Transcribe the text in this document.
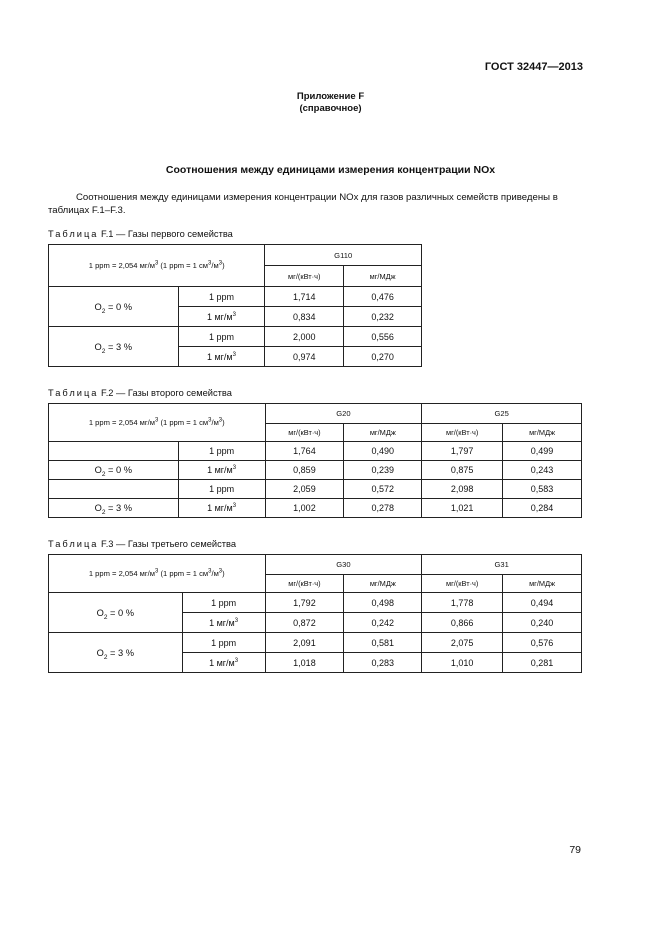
ГОСТ 32447—2013
Приложение F
(справочное)
Соотношения между единицами измерения концентрации NOx
Соотношения между единицами измерения концентрации NOx для газов различных семейств приведены в таблицах F.1–F.3.
Таблица F.1 — Газы первого семейства
1 ppm = 2,054 $мг/м^3$ (1 ppm = 1 $см^3/м^3$)		G110	
		мг/(кВт·ч)	мг/МДж
$O_2 = 0$ %	1 ppm	1,714	0,476
	1 $мг/м^3$	0,834	0,232
$O_2 = 3$ %	1 ppm	2,000	0,556
	1 $мг/м^3$	0,974	0,270
Таблица F.2 — Газы второго семейства
1 ppm = 2,054 $мг/м^3$ (1 ppm = 1 $см^3/м^3$)		G20		G25	
		мг/(кВт·ч)	мг/МДж	мг/(кВт·ч)	мг/МДж
	1 ppm	1,764	0,490	1,797	0,499
$O_2 = 0$ %	1 $мг/м^3$	0,859	0,239	0,875	0,243
	1 ppm	2,059	0,572	2,098	0,583
$O_2 = 3$ %	1 $мг/м^3$	1,002	0,278	1,021	0,284
Таблица F.3 — Газы третьего семейства
1 ppm = 2,054 $мг/м^3$ (1 ppm = 1 $см^3/м^3$)		G30		G31	
		мг/(кВт·ч)	мг/МДж	мг/(кВт·ч)	мг/МДж
$O_2 = 0$ %	1 ppm	1,792	0,498	1,778	0,494
	1 $мг/м^3$	0,872	0,242	0,866	0,240
$O_2 = 3$ %	1 ppm	2,091	0,581	2,075	0,576
	1 $мг/м^3$	1,018	0,283	1,010	0,281
79
